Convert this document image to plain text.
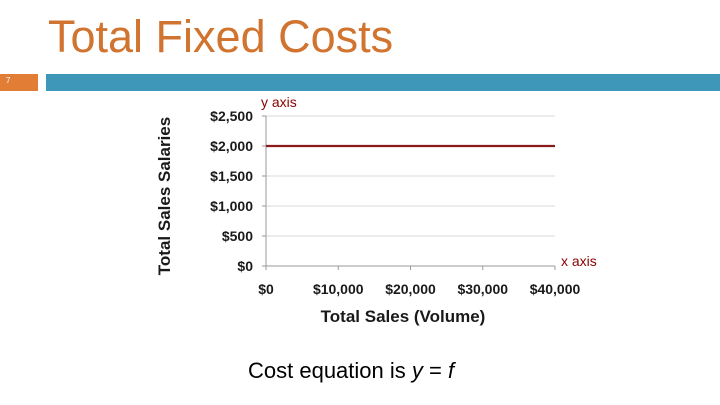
Total Fixed Costs
7
$0
$500
$1,000
$1,500
$2,000
$2,500
$0	$10,000 $20,000 $30,000 $40,000
Total Sales Salaries
Total Sales (Volume)
y axis
x axis
Cost equation is y = f
